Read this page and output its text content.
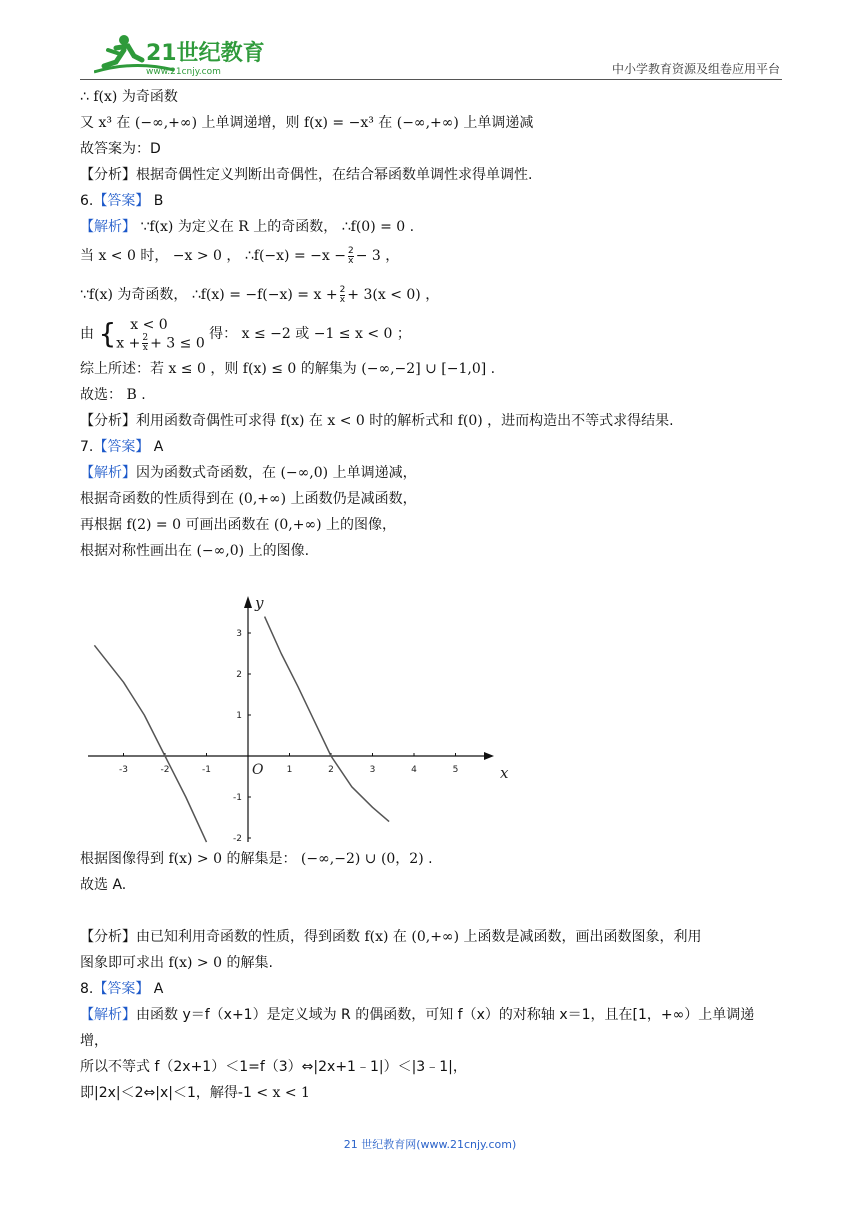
21世纪教育
www.21cnjy.com	中小学教育资源及组卷应用平台
∴ f(x) 为奇函数
又 x³ 在 (−∞,+∞) 上单调递增，则 f(x) = −x³ 在 (−∞,+∞) 上单调递减
故答案为：D
【分析】根据奇偶性定义判断出奇偶性，在结合幂函数单调性求得单调性.
6.【答案】 B
【解析】 ∵f(x) 为定义在 R 上的奇函数， ∴f(0) = 0 .
当 x < 0 时， −x > 0 ， ∴f(−x) = $-x - \frac{2}{x} - 3$ ，
∵f(x) 为奇函数， ∴f(x) = $-f(-x) = x + \frac{2}{x} + 3(x < 0)$ ，
由 {	x < 0
$x + \frac{2}{x} + 3 \le 0$
得： x ≤ −2 或 −1 ≤ x < 0 ；
综上所述：若 x ≤ 0 ，则 f(x) ≤ 0 的解集为 (−∞,−2] ∪ [−1,0] .
故选： B .
【分析】利用函数奇偶性可求得 f(x) 在 x < 0 时的解析式和 f(0) ，进而构造出不等式求得结果.
7.【答案】 A
【解析】因为函数式奇函数，在 (−∞,0) 上单调递减，
根据奇函数的性质得到在 (0,+∞) 上函数仍是减函数，
再根据 f(2) = 0 可画出函数在 (0,+∞) 上的图像，
根据对称性画出在 (−∞,0) 上的图像.
-3	-2	-1	1	2	3	4	5
3
2
1
-1
-2
x
y
O
根据图像得到 f(x) > 0 的解集是： (−∞,−2) ∪ (0，2) .
故选 A.
【分析】由已知利用奇函数的性质，得到函数 f(x) 在 (0,+∞) 上函数是减函数，画出函数图象，利用
图象即可求出 f(x) > 0 的解集.
8.【答案】 A
【解析】由函数 y＝f（x+1）是定义域为 R 的偶函数，可知 f（x）的对称轴 x＝1，且在[1，+∞）上单调递
增，
所以不等式 f（2x+1）＜1=f（3）⇔|2x+1﹣1|）＜|3﹣1|，
即|2x|＜2⇔|x|＜1，解得-1 < x < 1
21 世纪教育网(www.21cnjy.com)
